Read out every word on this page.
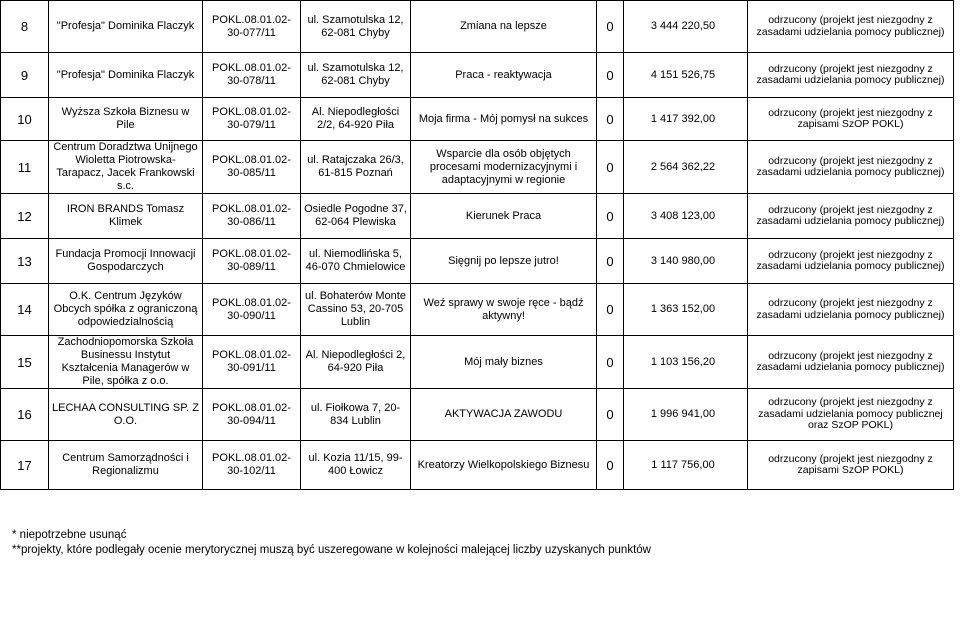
8	"Profesja" Dominika Flaczyk	POKL.08.01.02-30-077/11	ul. Szamotulska 12, 62-081 Chyby	Zmiana na lepsze	0	3 444 220,50	odrzucony (projekt jest niezgodny z zasadami udzielania pomocy publicznej)
9	"Profesja" Dominika Flaczyk	POKL.08.01.02-30-078/11	ul. Szamotulska 12, 62-081 Chyby	Praca - reaktywacja	0	4 151 526,75	odrzucony (projekt jest niezgodny z zasadami udzielania pomocy publicznej)
10	Wyższa Szkoła Biznesu w Pile	POKL.08.01.02-30-079/11	Al. Niepodległości 2/2, 64-920 Piła	Moja firma - Mój pomysł na sukces	0	1 417 392,00	odrzucony (projekt jest niezgodny z zapisami SzOP POKL)
11	Centrum Doradztwa Unijnego Wioletta Piotrowska-Tarapacz, Jacek Frankowski s.c.	POKL.08.01.02-30-085/11	ul. Ratajczaka 26/3, 61-815 Poznań	Wsparcie dla osób objętych procesami modernizacyjnymi i adaptacyjnymi w regionie	0	2 564 362,22	odrzucony (projekt jest niezgodny z zasadami udzielania pomocy publicznej)
12	IRON BRANDS Tomasz Klimek	POKL.08.01.02-30-086/11	Osiedle Pogodne 37, 62-064 Plewiska	Kierunek Praca	0	3 408 123,00	odrzucony (projekt jest niezgodny z zasadami udzielania pomocy publicznej)
13	Fundacja Promocji Innowacji Gospodarczych	POKL.08.01.02-30-089/11	ul. Niemodlińska 5, 46-070 Chmielowice	Sięgnij po lepsze jutro!	0	3 140 980,00	odrzucony (projekt jest niezgodny z zasadami udzielania pomocy publicznej)
14	O.K. Centrum Języków Obcych spółka z ograniczoną odpowiedzialnością	POKL.08.01.02-30-090/11	ul. Bohaterów Monte Cassino 53, 20-705 Lublin	Weź sprawy w swoje ręce - bądź aktywny!	0	1 363 152,00	odrzucony (projekt jest niezgodny z zasadami udzielania pomocy publicznej)
15	Zachodniopomorska Szkoła Businessu Instytut Kształcenia Managerów w Pile, spółka z o.o.	POKL.08.01.02-30-091/11	Al. Niepodległości 2, 64-920 Piła	Mój mały biznes	0	1 103 156,20	odrzucony (projekt jest niezgodny z zasadami udzielania pomocy publicznej)
16	LECHAA CONSULTING SP. Z O.O.	POKL.08.01.02-30-094/11	ul. Fiołkowa 7, 20-834 Lublin	AKTYWACJA ZAWODU	0	1 996 941,00	odrzucony (projekt jest niezgodny z zasadami udzielania pomocy publicznej oraz SzOP POKL)
17	Centrum Samorządności i Regionalizmu	POKL.08.01.02-30-102/11	ul. Kozia 11/15, 99-400 Łowicz	Kreatorzy Wielkopolskiego Biznesu	0	1 117 756,00	odrzucony (projekt jest niezgodny z zapisami SzOP POKL)
* niepotrzebne usunąć
**projekty, które podlegały ocenie merytorycznej muszą być uszeregowane w kolejności malejącej liczby uzyskanych punktów
